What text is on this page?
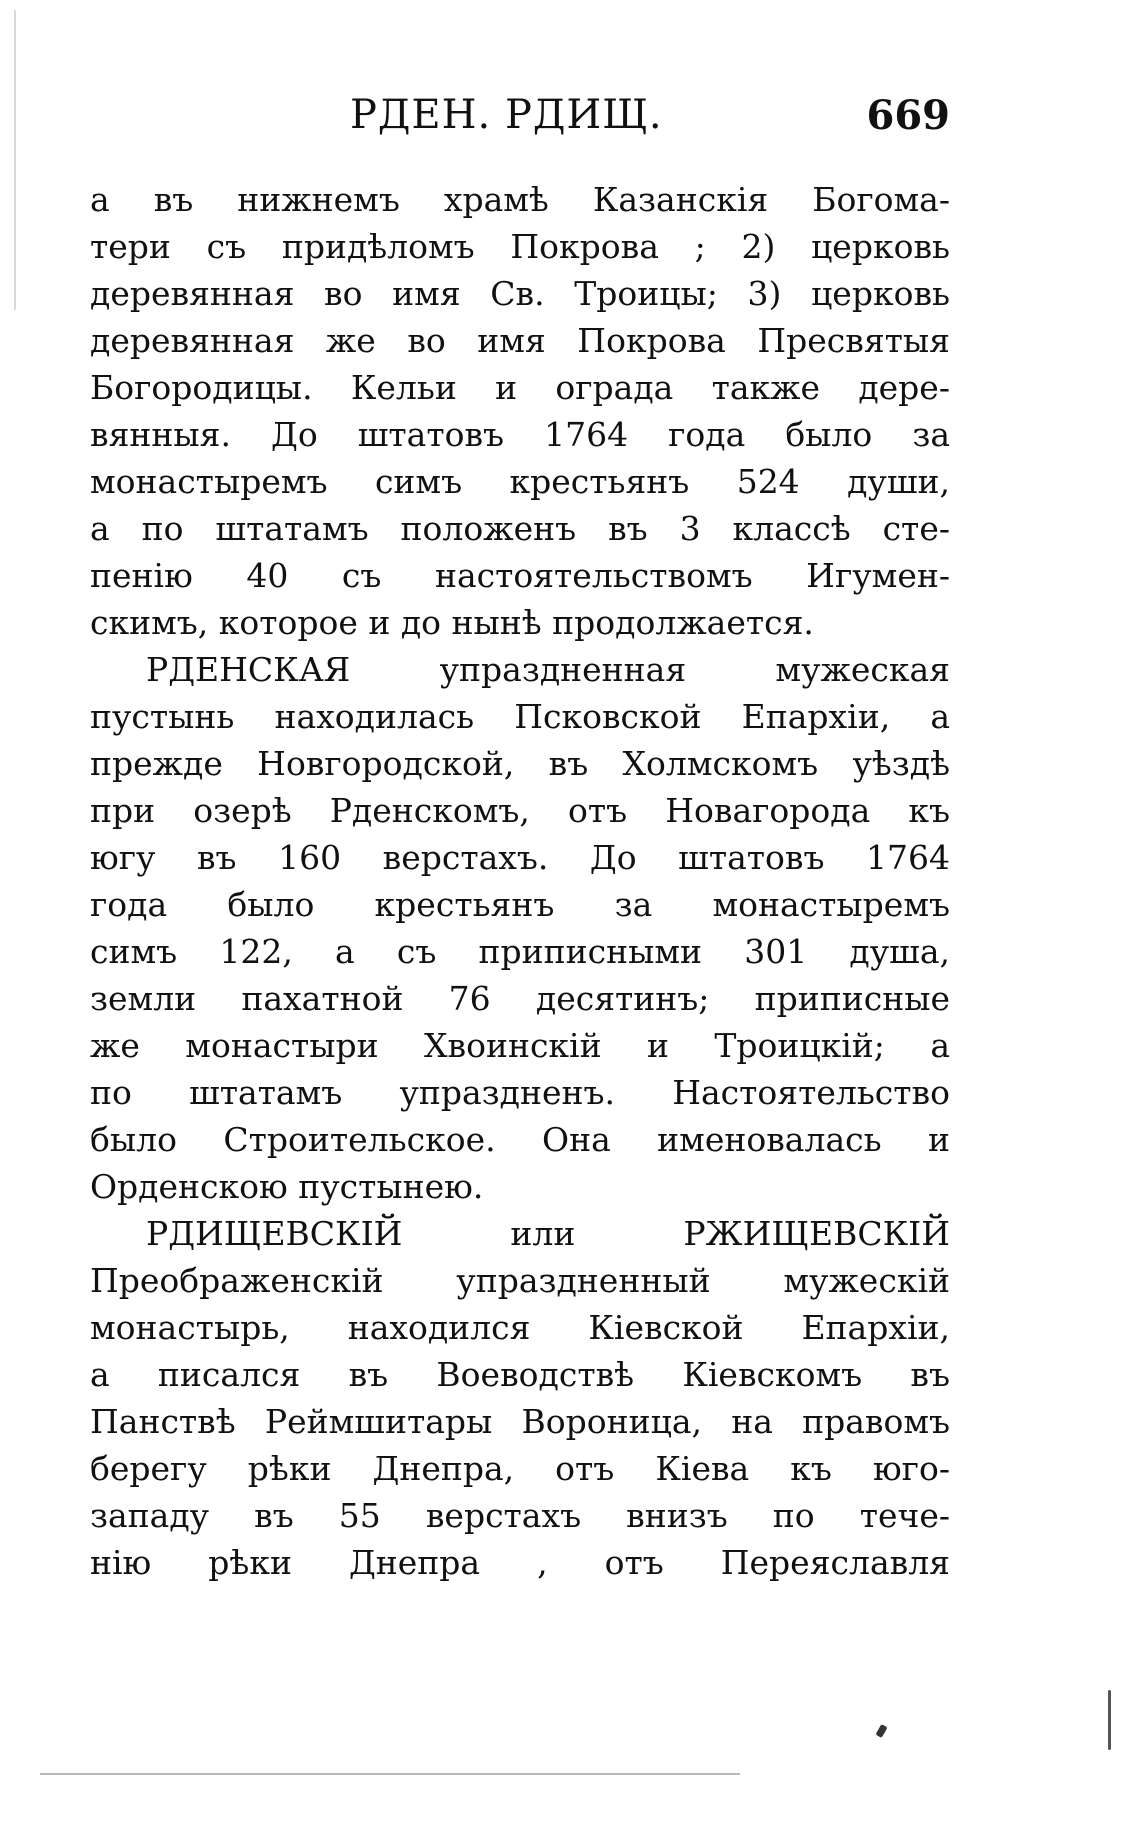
РДЕН. РДИЩ.	669
а въ нижнемъ храмѣ Казанскія Богома-
тери съ придѣломъ Покрова ; 2) церковь
деревянная во имя Св. Троицы; 3) церковь
деревянная же во имя Покрова Пресвятыя
Богородицы. Кельи и ограда также дере-
вянныя. До штатовъ 1764 года было за
монастыремъ симъ крестьянъ 524 души,
а по штатамъ положенъ въ 3 классѣ сте-
пенію 40 съ настоятельствомъ Игумен-
скимъ, которое и до нынѣ продолжается.
РДЕНСКАЯ упраздненная мужеская
пустынь находилась Псковской Епархіи, а
прежде Новгородской, въ Холмскомъ уѣздѣ
при озерѣ Рденскомъ, отъ Новагорода къ
югу въ 160 верстахъ. До штатовъ 1764
года было крестьянъ за монастыремъ
симъ 122, а съ приписными 301 душа,
земли пахатной 76 десятинъ; приписные
же монастыри Хвоинскій и Троицкій; а
по штатамъ упраздненъ. Настоятельство
было Строительское. Она именовалась и
Орденскою пустынею.
РДИЩЕВСКІЙ или РЖИЩЕВСКІЙ
Преображенскій упраздненный мужескій
монастырь, находился Кіевской Епархіи,
а писался въ Воеводствѣ Кіевскомъ въ
Панствѣ Реймшитары Вороница, на правомъ
берегу рѣки Днепра, отъ Кіева къ юго-
западу въ 55 верстахъ внизъ по тече-
нію рѣки Днепра , отъ Переяславля
